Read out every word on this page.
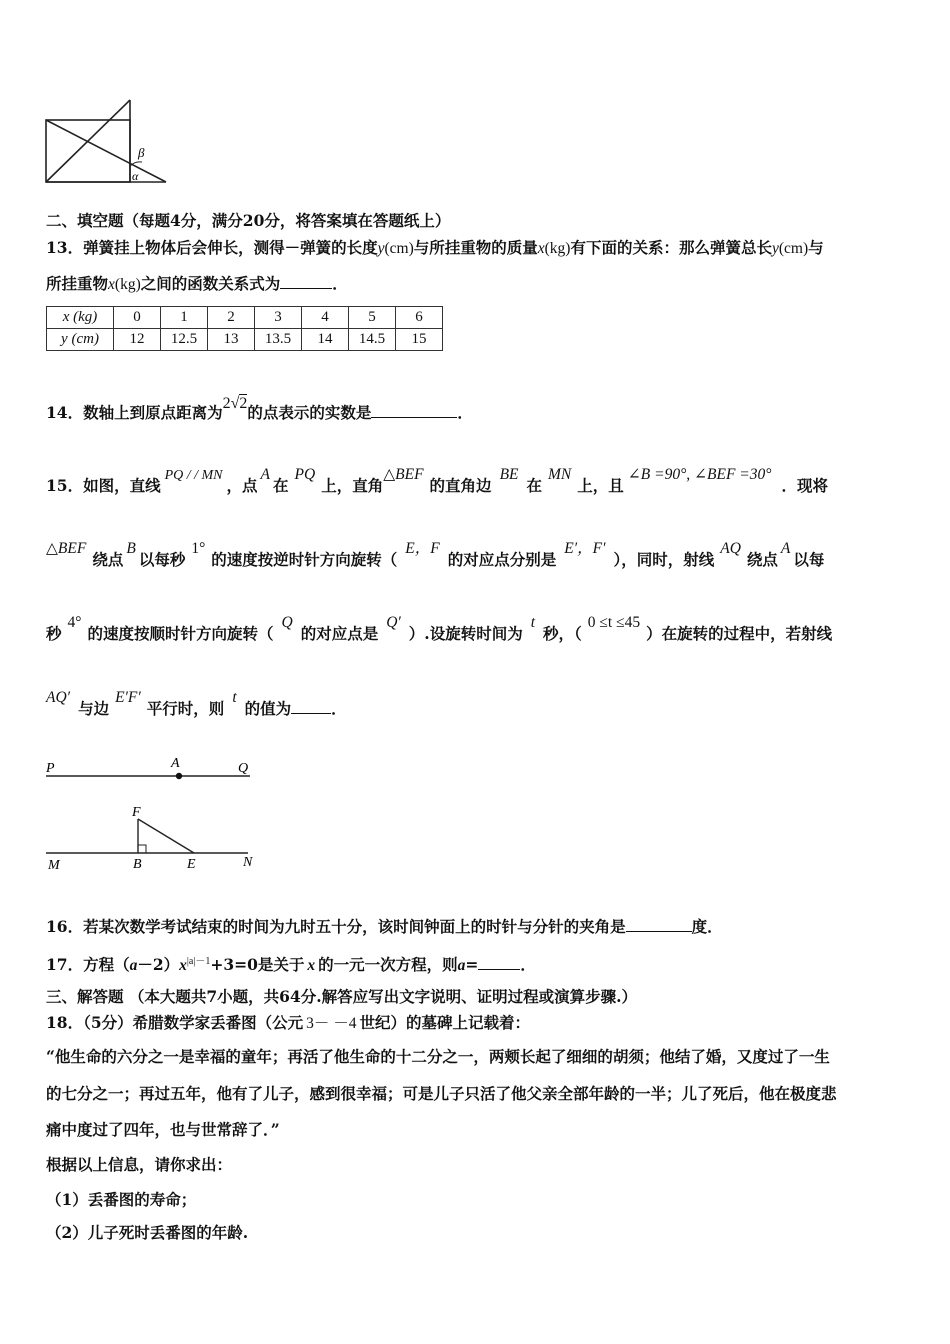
β
α
二、填空题（每题4分，满分20分，将答案填在答题纸上）
13．弹簧挂上物体后会伸长，测得－弹簧的长度y(cm)与所挂重物的质量x(kg)有下面的关系：那么弹簧总长y(cm)与
所挂重物x(kg)之间的函数关系式为	．
x (kg)	0	1	2	3	4	5	6
y (cm)	12	12.5	13	13.5	14	14.5	15
14．数轴上到原点距离为2√2的点表示的实数是	．
15．如图，直线PQ / / MN，点A在PQ上，直角△BEF的直角边BE在MN上，且∠B =90°, ∠BEF =30°．现将
△BEF绕点B以每秒1°的速度按逆时针方向旋转（E，F的对应点分别是E′，F′），同时，射线AQ绕点A以每
秒4°的速度按顺时针方向旋转（Q的对应点是Q′）.设旋转时间为t秒，（0 ≤t ≤45）在旋转的过程中，若射线
AQ′与边E′F′平行时，则t的值为	．
P	A	Q
F
M	B	E	N
16．若某次数学考试结束的时间为九时五十分，该时间钟面上的时针与分针的夹角是	度．
17．方程$(a-2)x^{|a|-1}+3=0$是关于 x 的一元一次方程，则a=	．
三、解答题 （本大题共7小题，共64分.解答应写出文字说明、证明过程或演算步骤.）
18．（5分）希腊数学家丢番图（公元 3－ －4 世纪）的墓碑上记载着：
“他生命的六分之一是幸福的童年；再活了他生命的十二分之一，两颊长起了细细的胡须；他结了婚，又度过了一生
的七分之一；再过五年，他有了儿子，感到很幸福；可是儿子只活了他父亲全部年龄的一半；儿了死后，他在极度悲
痛中度过了四年，也与世常辞了．”
根据以上信息，请你求出：
（1）丢番图的寿命；
（2）儿子死时丢番图的年龄.
